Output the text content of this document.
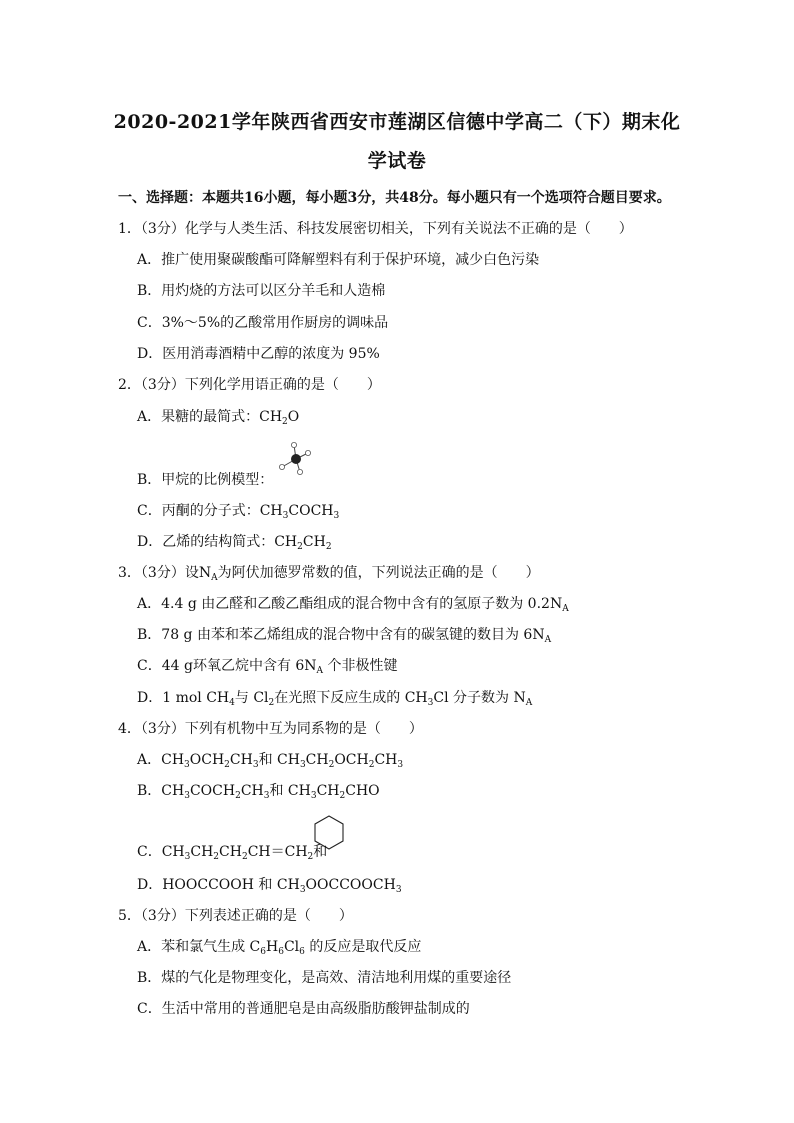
2020-2021学年陕西省西安市莲湖区信德中学高二（下）期末化
学试卷
一、选择题：本题共16小题，每小题3分，共48分。每小题只有一个选项符合题目要求。
1．（3分）化学与人类生活、科技发展密切相关，下列有关说法不正确的是（　　）
A．推广使用聚碳酸酯可降解塑料有利于保护环境，减少白色污染
B．用灼烧的方法可以区分羊毛和人造棉
C．3%～5%的乙酸常用作厨房的调味品
D．医用消毒酒精中乙醇的浓度为 95%
2．（3分）下列化学用语正确的是（　　）
A．果糖的最简式：$CH_2O$
B．甲烷的比例模型：
C．丙酮的分子式：$CH_3COCH_3$
D．乙烯的结构简式：$CH_2CH_2$
3．（3分）设$N_A$为阿伏加德罗常数的值，下列说法正确的是（　　）
A．4.4 g 由乙醛和乙酸乙酯组成的混合物中含有的氢原子数为 $0.2N_A$
B．78 g 由苯和苯乙烯组成的混合物中含有的碳氢键的数目为 $6N_A$
C．44 g环氧乙烷中含有 $6N_A$ 个非极性键
D．1 mol $CH_4$与 $Cl_2$在光照下反应生成的 $CH_3Cl$ 分子数为 $N_A$
4．（3分）下列有机物中互为同系物的是（　　）
A．$CH_3OCH_2CH_3$和 $CH_3CH_2OCH_2CH_3$
B．$CH_3COCH_2CH_3$和 $CH_3CH_2CHO$
C．$CH_3CH_2CH_2CH=CH_2$和
D．HOOCCOOH 和 $CH_3OOCCOOCH_3$
5．（3分）下列表述正确的是（　　）
A．苯和氯气生成 $C_6H_6Cl_6$ 的反应是取代反应
B．煤的气化是物理变化，是高效、清洁地利用煤的重要途径
C．生活中常用的普通肥皂是由高级脂肪酸钾盐制成的
